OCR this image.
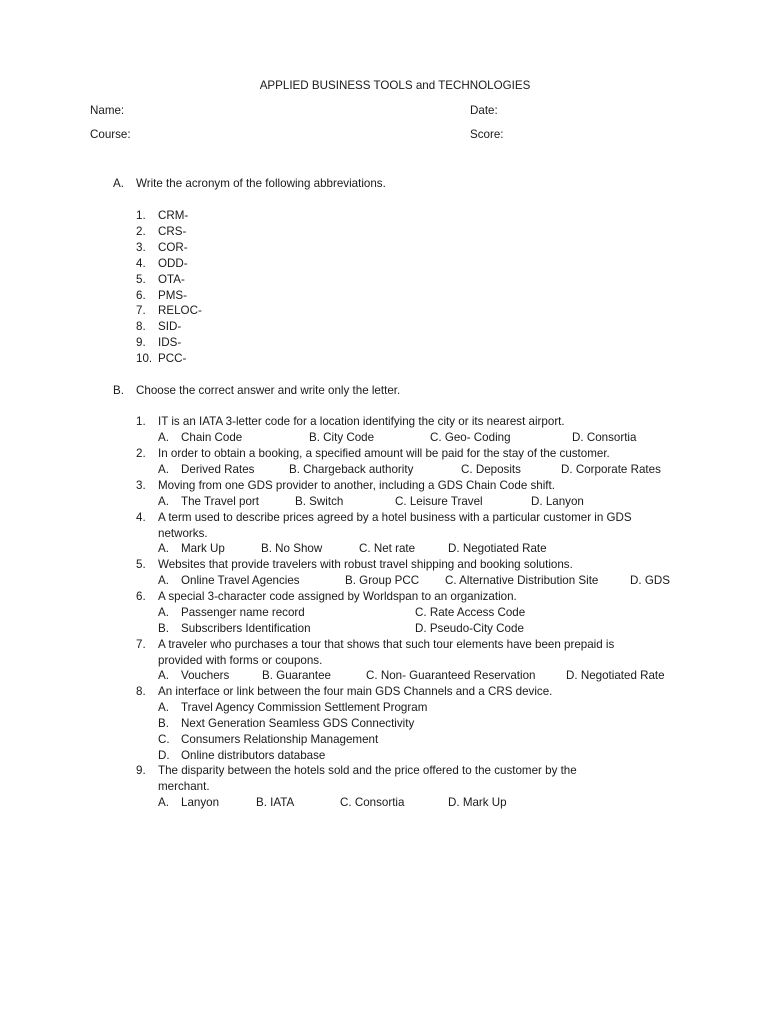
APPLIED BUSINESS TOOLS and TECHNOLOGIES
Name:	Date:
Course:	Score:
A. Write the acronym of the following abbreviations.
1. CRM-
2. CRS-
3. COR-
4. ODD-
5. OTA-
6. PMS-
7. RELOC-
8. SID-
9. IDS-
10. PCC-
B. Choose the correct answer and write only the letter.
1. IT is an IATA 3-letter code for a location identifying the city or its nearest airport.
A. Chain Code	B. City Code	C. Geo- Coding	D. Consortia
2. In order to obtain a booking, a specified amount will be paid for the stay of the customer.
A. Derived Rates	B. Chargeback authority	C. Deposits	D. Corporate Rates
3. Moving from one GDS provider to another, including a GDS Chain Code shift.
A. The Travel port	B. Switch	C. Leisure Travel	D. Lanyon
4. A term used to describe prices agreed by a hotel business with a particular customer in GDS
networks.
A. Mark Up	B. No Show	C. Net rate	D. Negotiated Rate
5. Websites that provide travelers with robust travel shipping and booking solutions.
A. Online Travel Agencies	B. Group PCC C. Alternative Distribution Site	D. GDS
6. A special 3-character code assigned by Worldspan to an organization.
A. Passenger name record	C. Rate Access Code
B. Subscribers Identification	D. Pseudo-City Code
7. A traveler who purchases a tour that shows that such tour elements have been prepaid is
provided with forms or coupons.
A. Vouchers	B. Guarantee	C. Non- Guaranteed Reservation	D. Negotiated Rate
8. An interface or link between the four main GDS Channels and a CRS device.
A. Travel Agency Commission Settlement Program
B. Next Generation Seamless GDS Connectivity
C. Consumers Relationship Management
D. Online distributors database
9. The disparity between the hotels sold and the price offered to the customer by the
merchant.
A. Lanyon	B. IATA	C. Consortia	D. Mark Up
